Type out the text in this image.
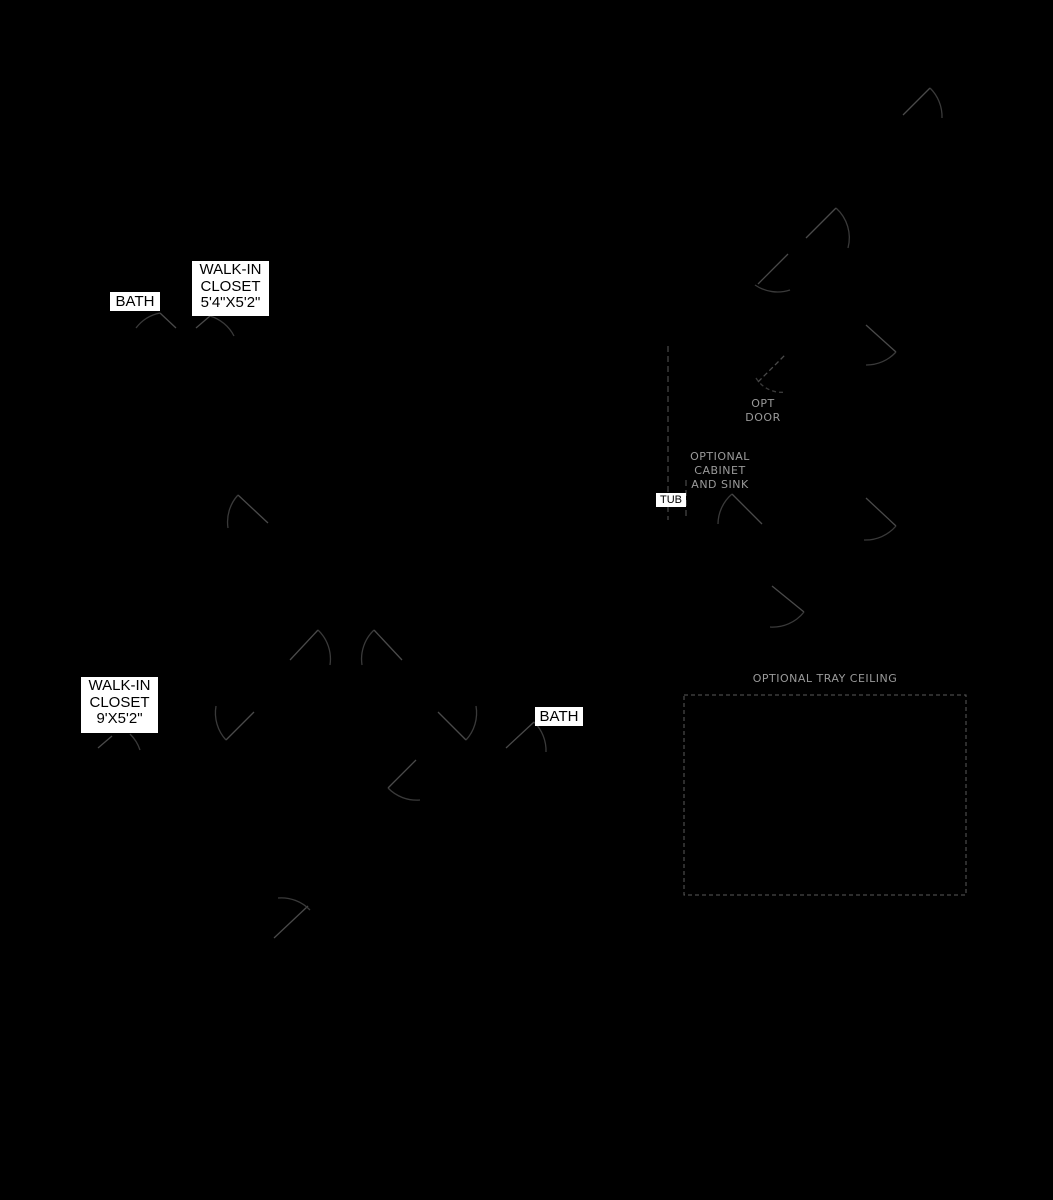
WALK-IN
CLOSET
5'4"X5'2"
BATH
WALK-IN
CLOSET
9'X5'2"	BATH
TUB
OPT
DOOR
OPTIONAL
CABINET
AND SINK
OPTIONAL TRAY CEILING
